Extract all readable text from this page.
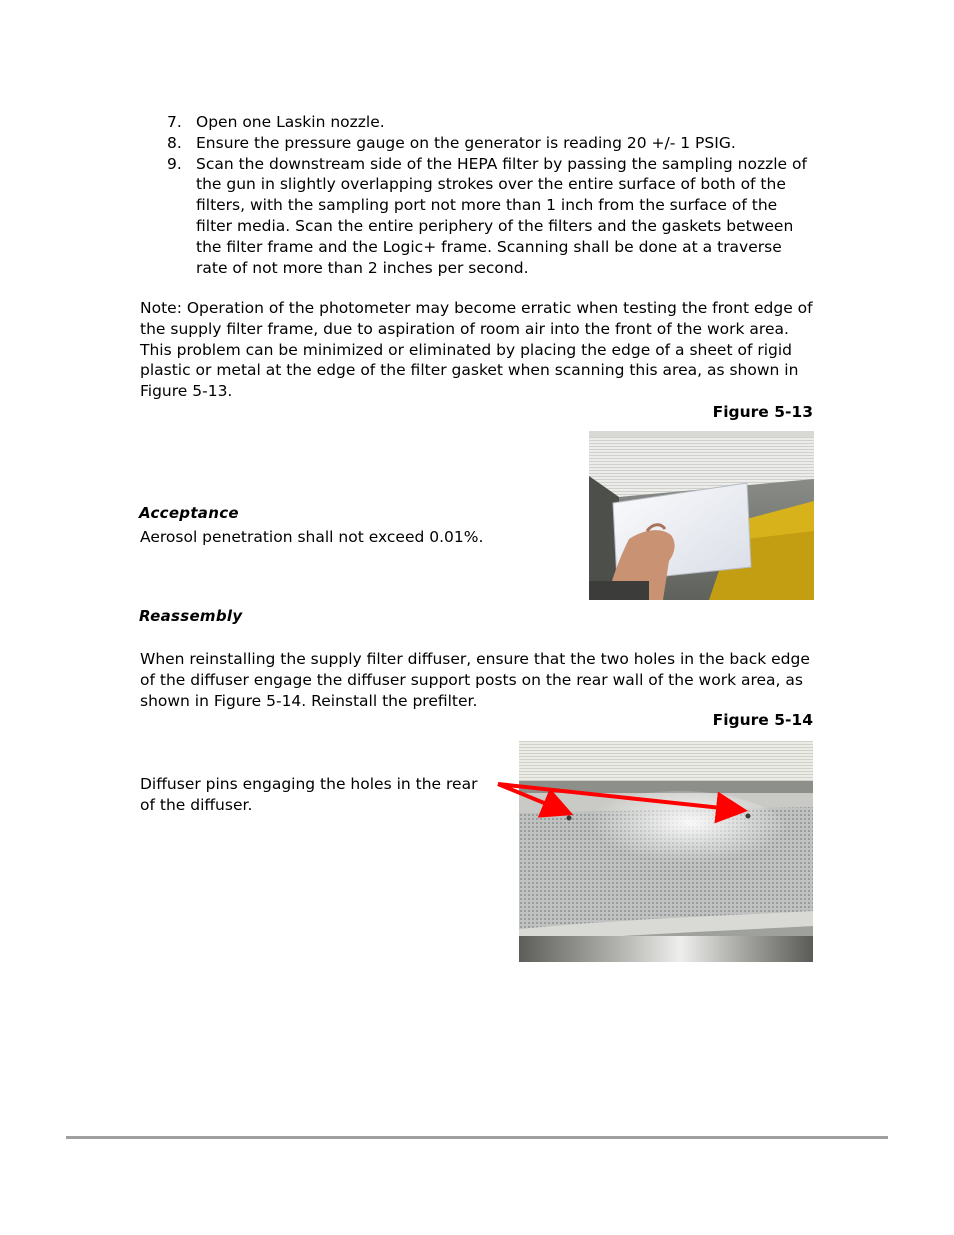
7. Open one Laskin nozzle.
8. Ensure the pressure gauge on the generator is reading 20 +/- 1 PSIG.
9. Scan the downstream side of the HEPA filter by passing the sampling nozzle of the gun in slightly overlapping strokes over the entire surface of both of the filters, with the sampling port not more than 1 inch from the surface of the filter media. Scan the entire periphery of the filters and the gaskets between the filter frame and the Logic+ frame. Scanning shall be done at a traverse rate of not more than 2 inches per second.
Note: Operation of the photometer may become erratic when testing the front edge of the supply filter frame, due to aspiration of room air into the front of the work area. This problem can be minimized or eliminated by placing the edge of a sheet of rigid plastic or metal at the edge of the filter gasket when scanning this area, as shown in Figure 5-13.
Figure 5-13
Acceptance
Aerosol penetration shall not exceed 0.01%.
Reassembly
When reinstalling the supply filter diffuser, ensure that the two holes in the back edge of the diffuser engage the diffuser support posts on the rear wall of the work area, as shown in Figure 5-14. Reinstall the prefilter.
Figure 5-14
Diffuser pins engaging the holes in the rear of the diffuser.
